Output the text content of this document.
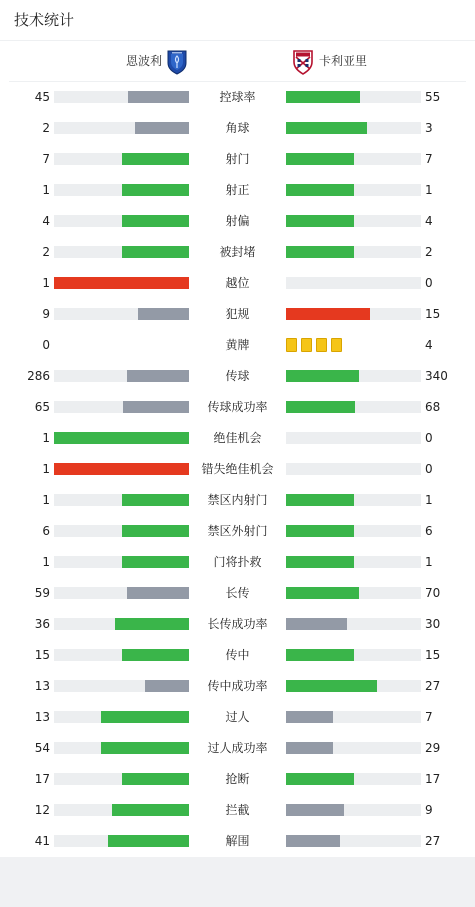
技术统计
恩波利	卡利亚里
45	控球率	55
2	角球	3
7	射门	7
1	射正	1
4	射偏	4
2	被封堵	2
1	越位	0
9	犯规	15
0	黄牌	4
286	传球	340
65	传球成功率	68
1	绝佳机会	0
1	错失绝佳机会	0
1	禁区内射门	1
6	禁区外射门	6
1	门将扑救	1
59	长传	70
36	长传成功率	30
15	传中	15
13	传中成功率	27
13	过人	7
54	过人成功率	29
17	抢断	17
12	拦截	9
41	解围	27
